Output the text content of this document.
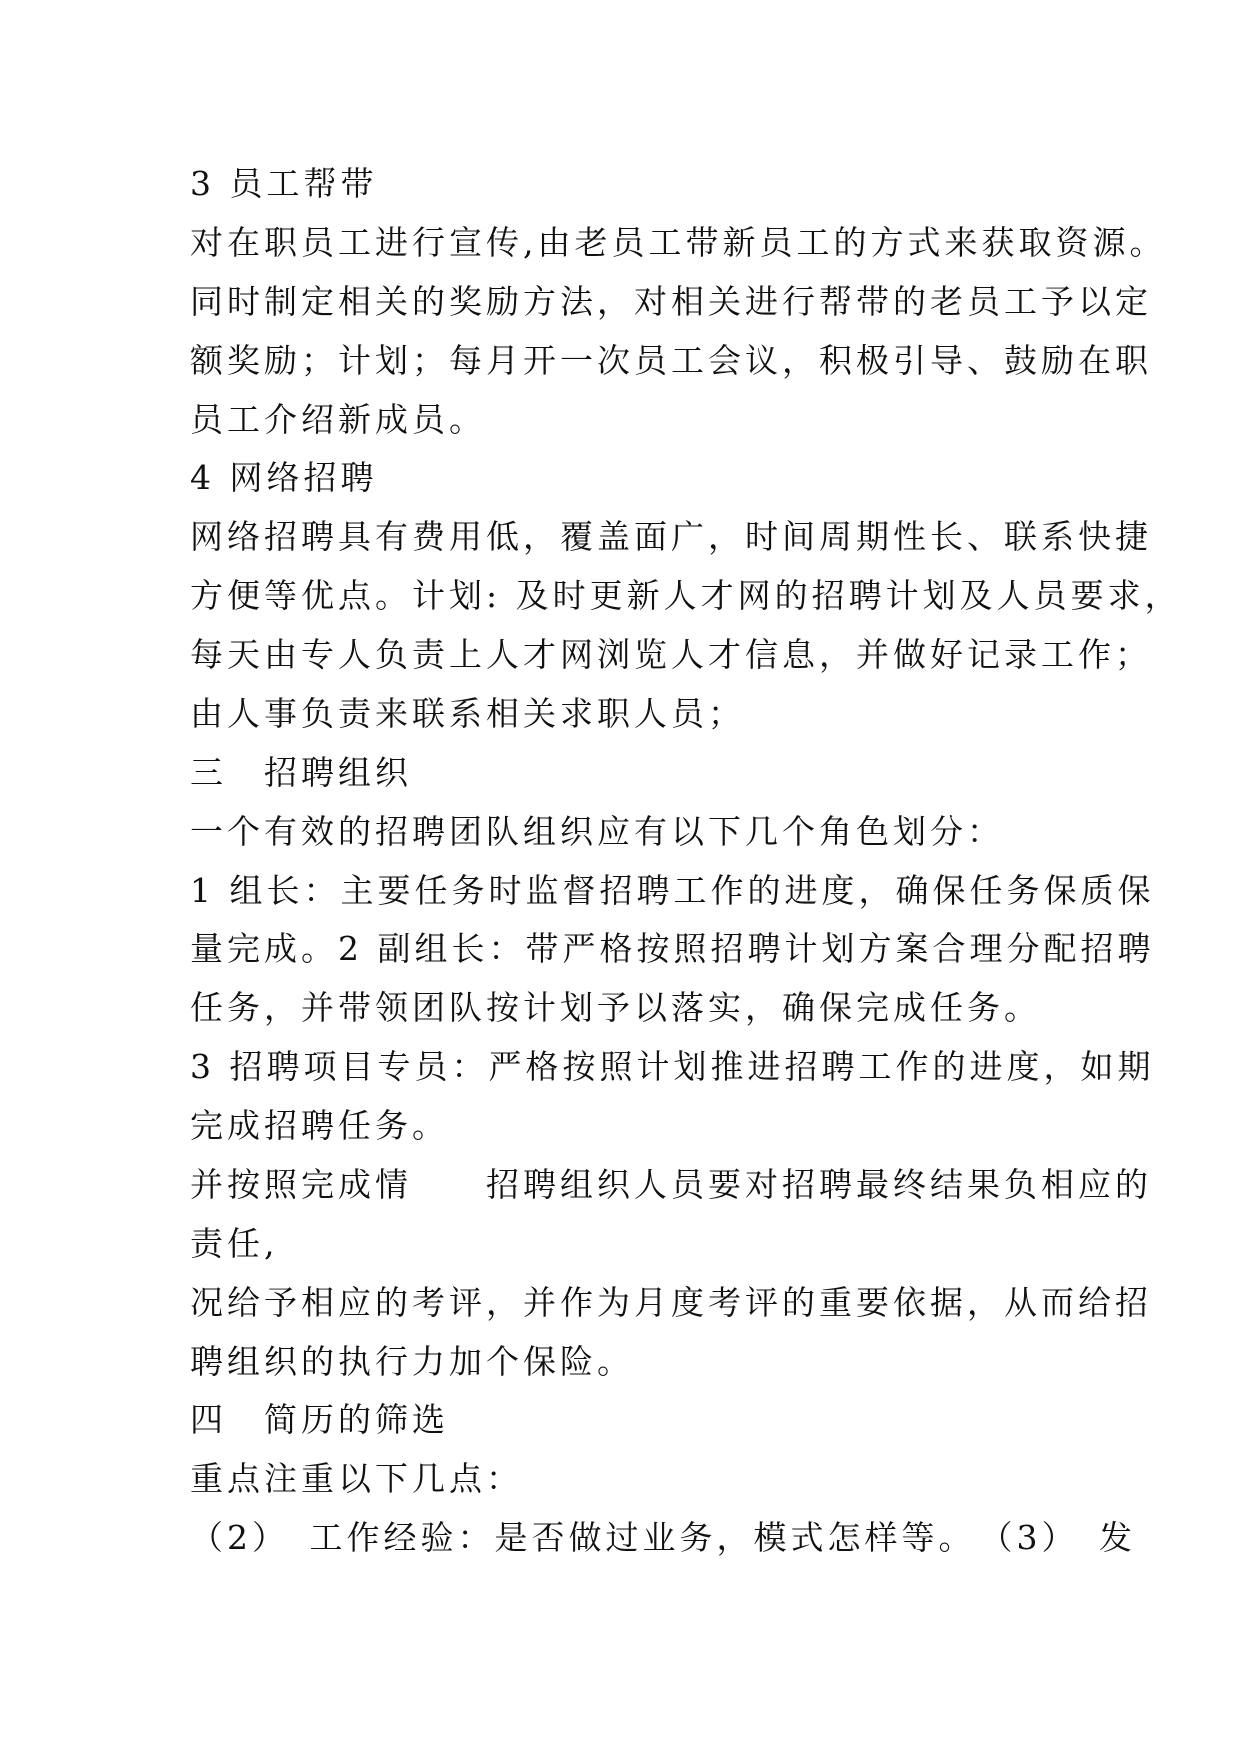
3 员工帮带

对在职员工进行宣传,由老员工带新员工的方式来获取资源。

同时制定相关的奖励方法，对相关进行帮带的老员工予以定

额奖励；计划；每月开一次员工会议，积极引导、鼓励在职

员工介绍新成员。

4 网络招聘

网络招聘具有费用低，覆盖面广，时间周期性长、联系快捷

方便等优点。计划: 及时更新人才网的招聘计划及人员要求，

每天由专人负责上人才网浏览人才信息，并做好记录工作；

由人事负责来联系相关求职人员；

三　招聘组织

一个有效的招聘团队组织应有以下几个角色划分：

1 组长：主要任务时监督招聘工作的进度，确保任务保质保

量完成。2 副组长：带严格按照招聘计划方案合理分配招聘

任务，并带领团队按计划予以落实，确保完成任务。

3 招聘项目专员：严格按照计划推进招聘工作的进度，如期

完成招聘任务。

并按照完成情　　招聘组织人员要对招聘最终结果负相应的

责任,

况给予相应的考评，并作为月度考评的重要依据，从而给招

聘组织的执行力加个保险。

四　简历的筛选

重点注重以下几点：

（2）　工作经验：是否做过业务，模式怎样等。　（3）　发
